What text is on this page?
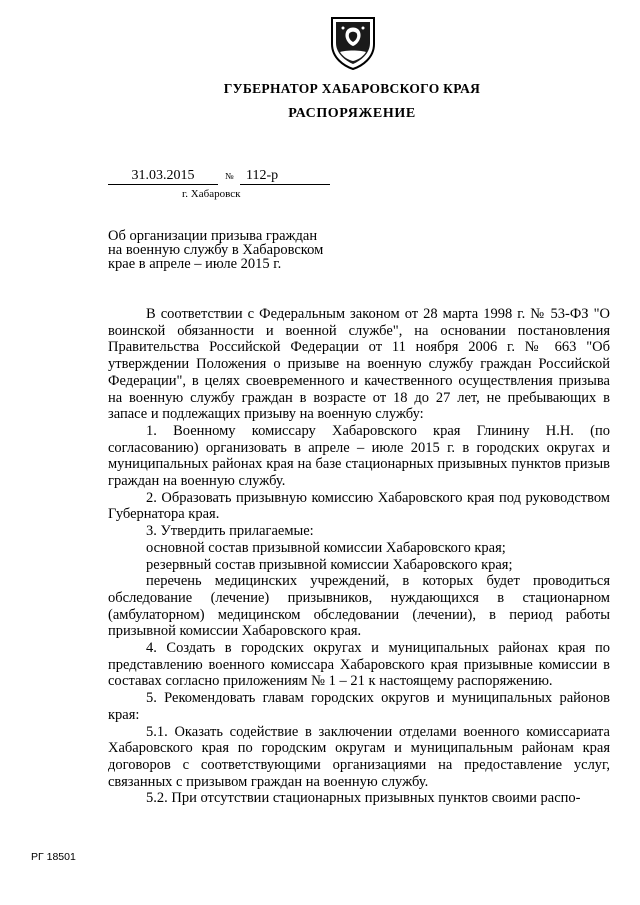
ГУБЕРНАТОР ХАБАРОВСКОГО КРАЯ
РАСПОРЯЖЕНИЕ
31.03.2015	№ 112-р
г. Хабаровск
Об организации призыва граждан
на военную службу в Хабаровском
крае в апреле – июле 2015 г.

В соответствии с Федеральным законом от 28 марта 1998 г. № 53-ФЗ "О воинской обязанности и военной службе", на основании постановления Правительства Российской Федерации от 11 ноября 2006 г. № 663 "Об утверждении Положения о призыве на военную службу граждан Российской Федерации", в целях своевременного и качественного осуществления призыва на военную службу граждан в возрасте от 18 до 27 лет, не пребывающих в запасе и подлежащих призыву на военную службу:

1. Военному комиссару Хабаровского края Глинину Н.Н. (по согласованию) организовать в апреле – июле 2015 г. в городских округах и муниципальных районах края на базе стационарных призывных пунктов призыв граждан на военную службу.

2. Образовать призывную комиссию Хабаровского края под руководством Губернатора края.

3. Утвердить прилагаемые:

основной состав призывной комиссии Хабаровского края;

резервный состав призывной комиссии Хабаровского края;

перечень медицинских учреждений, в которых будет проводиться обследование (лечение) призывников, нуждающихся в стационарном (амбулаторном) медицинском обследовании (лечении), в период работы призывной комиссии Хабаровского края.

4. Создать в городских округах и муниципальных районах края по представлению военного комиссара Хабаровского края призывные комиссии в составах согласно приложениям № 1 – 21 к настоящему распоряжению.

5. Рекомендовать главам городских округов и муниципальных районов края:

5.1. Оказать содействие в заключении отделами военного комиссариата Хабаровского края по городским округам и муниципальным районам края договоров с соответствующими организациями на предоставление услуг, связанных с призывом граждан на военную службу.

5.2. При отсутствии стационарных призывных пунктов своими распо-

РГ 18501
